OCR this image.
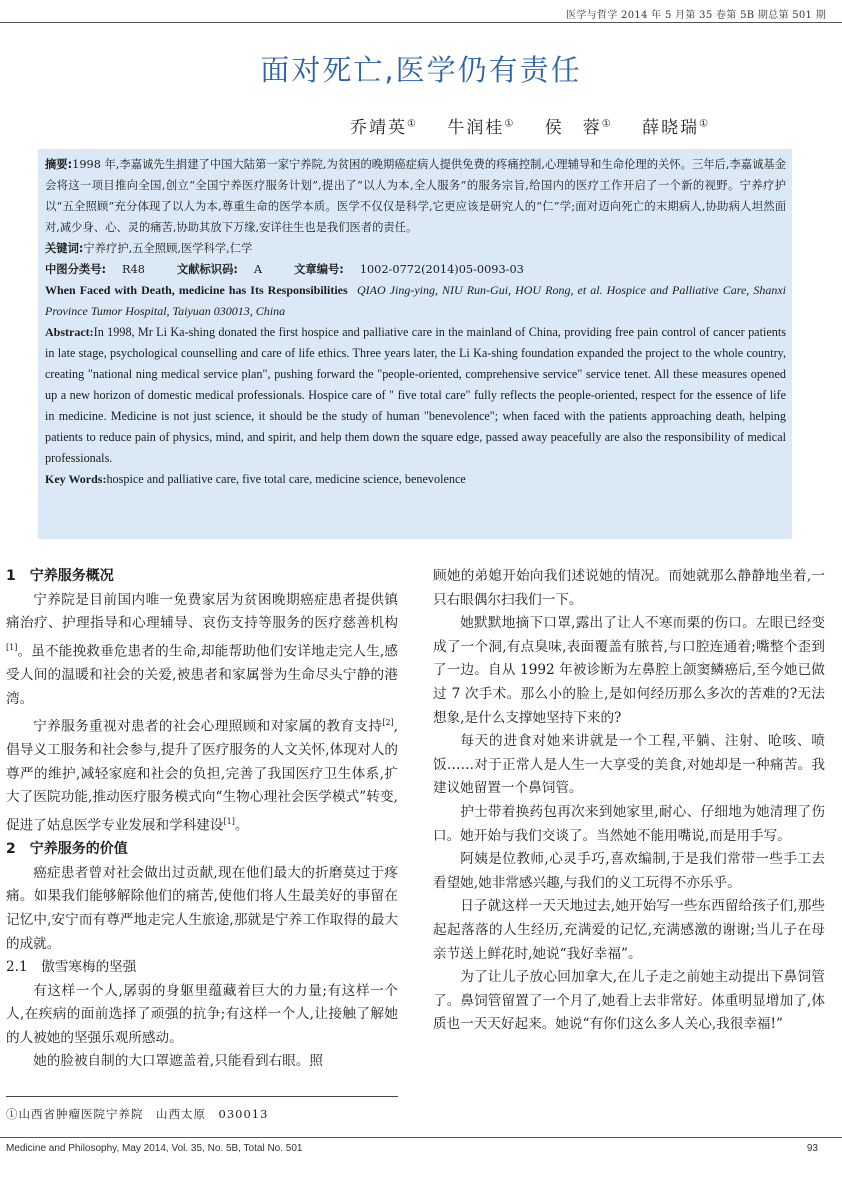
医学与哲学 2014 年 5 月第 35 卷第 5B 期总第 501 期
面对死亡,医学仍有责任
乔靖英① 牛润桂① 侯　蓉① 薛晓瑞①

摘要:1998 年,李嘉诚先生捐建了中国大陆第一家宁养院,为贫困的晚期癌症病人提供免费的疼痛控制,心理辅导和生命伦理的关怀。三年后,李嘉诚基金会将这一项目推向全国,创立“全国宁养医疗服务计划”,提出了“以人为本,全人服务”的服务宗旨,给国内的医疗工作开启了一个新的视野。宁养疗护以“五全照顾”充分体现了以人为本,尊重生命的医学本质。医学不仅仅是科学,它更应该是研究人的“仁”学;面对迈向死亡的末期病人,协助病人坦然面对,减少身、心、灵的痛苦,协助其放下万缘,安详往生也是我们医者的责任。

关键词:宁养疗护,五全照顾,医学科学,仁学

中图分类号: R48	文献标识码: A	文章编号: 1002-0772(2014)05-0093-03

When Faced with Death, medicine has Its Responsibilities QIAO Jing-ying, NIU Run-Gui, HOU Rong, et al. Hospice and Palliative Care, Shanxi Province Tumor Hospital, Taiyuan 030013, China

Abstract:In 1998, Mr Li Ka-shing donated the first hospice and palliative care in the mainland of China, providing free pain control of cancer patients in late stage, psychological counselling and care of life ethics. Three years later, the Li Ka-shing foundation expanded the project to the whole country, creating "national ning medical service plan", pushing forward the "people-oriented, comprehensive service" service tenet. All these measures opened up a new horizon of domestic medical professionals. Hospice care of " five total care" fully reflects the people-oriented, respect for the essence of life in medicine. Medicine is not just science, it should be the study of human "benevolence"; when faced with the patients approaching death, helping patients to reduce pain of physics, mind, and spirit, and help them down the square edge, passed away peacefully are also the responsibility of medical professionals.

Key Words:hospice and palliative care, five total care, medicine science, benevolence

1　宁养服务概况

宁养院是目前国内唯一免费家居为贫困晚期癌症患者提供镇痛治疗、护理指导和心理辅导、哀伤支持等服务的医疗慈善机构[1]。虽不能挽救垂危患者的生命,却能帮助他们安详地走完人生,感受人间的温暖和社会的关爱,被患者和家属誉为生命尽头宁静的港湾。

宁养服务重视对患者的社会心理照顾和对家属的教育支持[2],倡导义工服务和社会参与,提升了医疗服务的人文关怀,体现对人的尊严的维护,减轻家庭和社会的负担,完善了我国医疗卫生体系,扩大了医院功能,推动医疗服务模式向“生物心理社会医学模式”转变,促进了姑息医学专业发展和学科建设[1]。

2　宁养服务的价值

癌症患者曾对社会做出过贡献,现在他们最大的折磨莫过于疼痛。如果我们能够解除他们的痛苦,使他们将人生最美好的事留在记忆中,安宁而有尊严地走完人生旅途,那就是宁养工作取得的最大的成就。

2.1　傲雪寒梅的坚强

有这样一个人,孱弱的身躯里蕴藏着巨大的力量;有这样一个人,在疾病的面前选择了顽强的抗争;有这样一个人,让接触了解她的人被她的坚强乐观所感动。

她的脸被自制的大口罩遮盖着,只能看到右眼。照

顾她的弟媳开始向我们述说她的情况。而她就那么静静地坐着,一只右眼偶尔扫我们一下。

她默默地摘下口罩,露出了让人不寒而栗的伤口。左眼已经变成了一个洞,有点臭味,表面覆盖有脓苔,与口腔连通着;嘴整个歪到了一边。自从 1992 年被诊断为左鼻腔上颌窦鳞癌后,至今她已做过 7 次手术。那么小的脸上,是如何经历那么多次的苦难的?无法想象,是什么支撑她坚持下来的?

每天的进食对她来讲就是一个工程,平躺、注射、呛咳、喷饭……对于正常人是人生一大享受的美食,对她却是一种痛苦。我建议她留置一个鼻饲管。

护士带着换药包再次来到她家里,耐心、仔细地为她清理了伤口。她开始与我们交谈了。当然她不能用嘴说,而是用手写。

阿姨是位教师,心灵手巧,喜欢编制,于是我们常带一些手工去看望她,她非常感兴趣,与我们的义工玩得不亦乐乎。

日子就这样一天天地过去,她开始写一些东西留给孩子们,那些起起落落的人生经历,充满爱的记忆,充满感激的谢谢;当儿子在母亲节送上鲜花时,她说“我好幸福”。

为了让儿子放心回加拿大,在儿子走之前她主动提出下鼻饲管了。鼻饲管留置了一个月了,她看上去非常好。体重明显增加了,体质也一天天好起来。她说“有你们这么多人关心,我很幸福!”

①山西省肿瘤医院宁养院　山西太原　030013
Medicine and Philosophy, May 2014, Vol. 35, No. 5B, Total No. 501	93
